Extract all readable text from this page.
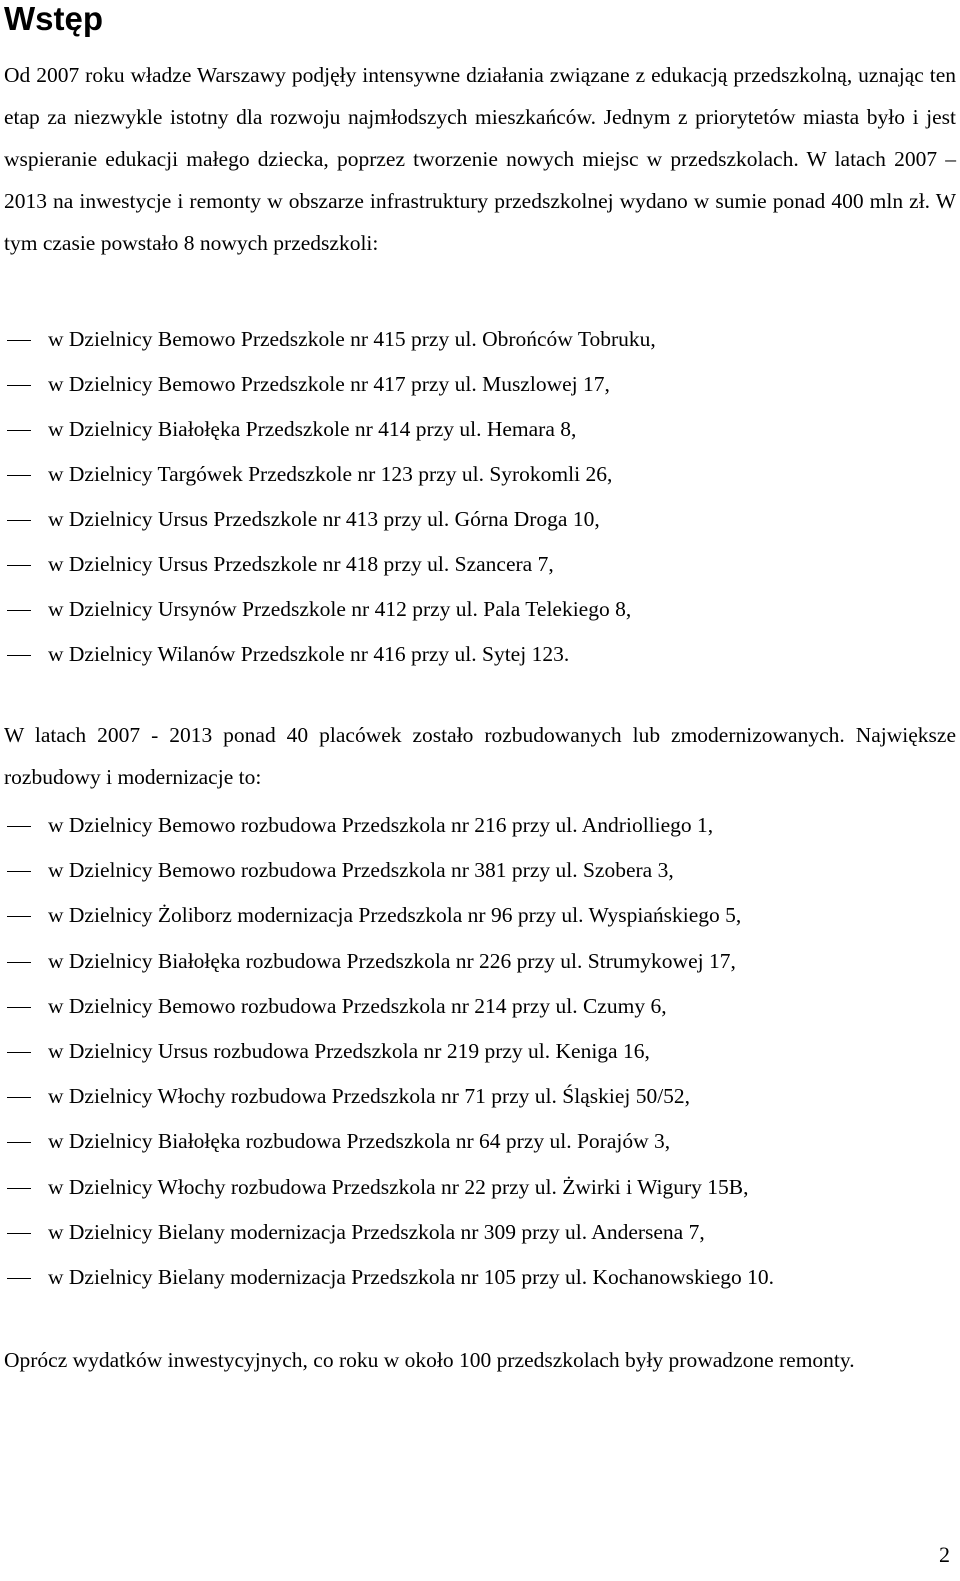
Wstęp

Od 2007 roku władze Warszawy podjęły intensywne działania związane z edukacją przedszkolną, uznając ten etap za niezwykle istotny dla rozwoju najmłodszych mieszkańców. Jednym z priorytetów miasta było i jest wspieranie edukacji małego dziecka, poprzez tworzenie nowych miejsc w przedszkolach. W latach 2007 – 2013 na inwestycje i remonty w obszarze infrastruktury przedszkolnej wydano w sumie ponad 400 mln zł. W tym czasie powstało 8 nowych przedszkoli:

w Dzielnicy Bemowo Przedszkole nr 415 przy ul. Obrońców Tobruku,
w Dzielnicy Bemowo Przedszkole nr 417 przy ul. Muszlowej 17,
w Dzielnicy Białołęka Przedszkole nr 414 przy ul. Hemara 8,
w Dzielnicy Targówek Przedszkole nr 123 przy ul. Syrokomli 26,
w Dzielnicy Ursus Przedszkole nr 413 przy ul. Górna Droga 10,
w Dzielnicy Ursus Przedszkole nr 418 przy ul. Szancera 7,
w Dzielnicy Ursynów Przedszkole nr 412 przy ul. Pala Telekiego 8,
w Dzielnicy Wilanów Przedszkole nr 416 przy ul. Sytej 123.

W latach 2007 - 2013 ponad 40 placówek zostało rozbudowanych lub zmodernizowanych. Największe rozbudowy i modernizacje to:

w Dzielnicy Bemowo rozbudowa Przedszkola nr 216 przy ul. Andriolliego 1,
w Dzielnicy Bemowo rozbudowa Przedszkola nr 381 przy ul. Szobera 3,
w Dzielnicy Żoliborz modernizacja Przedszkola nr 96 przy ul. Wyspiańskiego 5,
w Dzielnicy Białołęka rozbudowa Przedszkola nr 226 przy ul. Strumykowej 17,
w Dzielnicy Bemowo rozbudowa Przedszkola nr 214 przy ul. Czumy 6,
w Dzielnicy Ursus rozbudowa Przedszkola nr 219 przy ul. Keniga 16,
w Dzielnicy Włochy rozbudowa Przedszkola nr 71 przy ul. Śląskiej 50/52,
w Dzielnicy Białołęka rozbudowa Przedszkola nr 64 przy ul. Porajów 3,
w Dzielnicy Włochy rozbudowa Przedszkola nr 22 przy ul. Żwirki i Wigury 15B,
w Dzielnicy Bielany modernizacja Przedszkola nr 309 przy ul. Andersena 7,
w Dzielnicy Bielany modernizacja Przedszkola nr 105 przy ul. Kochanowskiego 10.

Oprócz wydatków inwestycyjnych, co roku w około 100 przedszkolach były prowadzone remonty.

2
